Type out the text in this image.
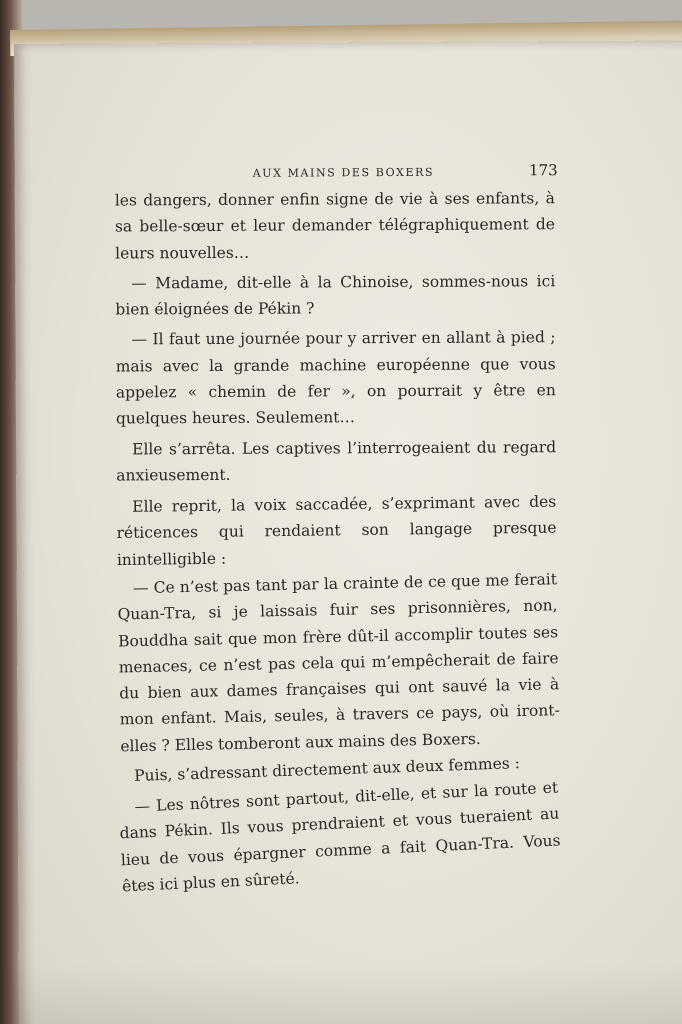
AUX MAINS DES BOXERS	173

les dangers, donner enfin signe de vie à ses enfants, à sa belle-sœur et leur demander télégraphiquement de leurs nouvelles…

— Madame, dit-elle à la Chinoise, sommes-nous ici bien éloignées de Pékin ?

— Il faut une journée pour y arriver en allant à pied ; mais avec la grande machine européenne que vous appelez « chemin de fer », on pourrait y être en quelques heures. Seulement…

Elle s’arrêta. Les captives l’interrogeaient du regard anxieusement.

Elle reprit, la voix saccadée, s’exprimant avec des réticences qui rendaient son langage presque inintelligible :

— Ce n’est pas tant par la crainte de ce que me ferait Quan-Tra, si je laissais fuir ses prisonnières, non, Bouddha sait que mon frère dût-il accomplir toutes ses menaces, ce n’est pas cela qui m’empêcherait de faire du bien aux dames françaises qui ont sauvé la vie à mon enfant. Mais, seules, à travers ce pays, où iront-elles ? Elles tomberont aux mains des Boxers.

Puis, s’adressant directement aux deux femmes :

— Les nôtres sont partout, dit-elle, et sur la route et dans Pékin. Ils vous prendraient et vous tueraient au lieu de vous épargner comme a fait Quan-Tra. Vous êtes ici plus en sûreté.
